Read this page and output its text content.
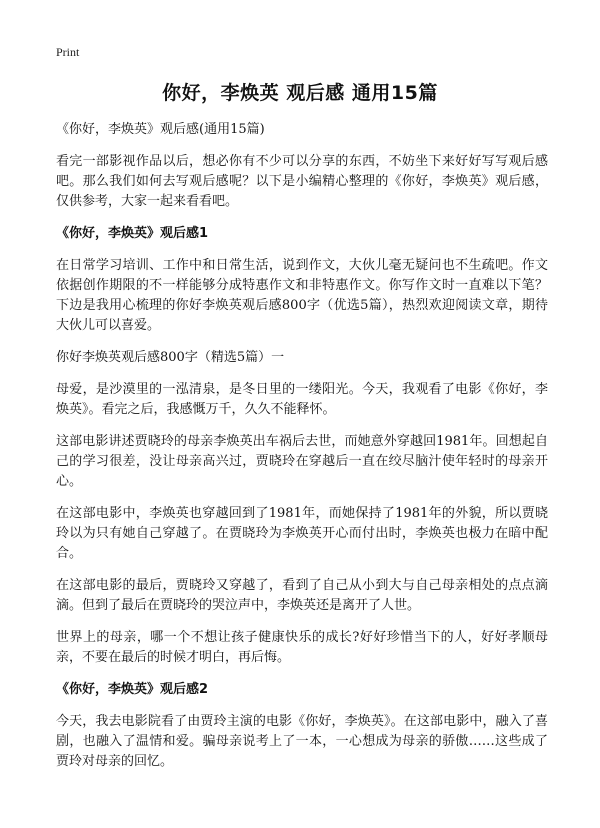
Print
你好，李焕英 观后感 通用15篇

《你好，李焕英》观后感(通用15篇)

看完一部影视作品以后，想必你有不少可以分享的东西，不妨坐下来好好写写观后感吧。那么我们如何去写观后感呢？以下是小编精心整理的《你好，李焕英》观后感，仅供参考，大家一起来看看吧。

《你好，李焕英》观后感1

在日常学习培训、工作中和日常生活，说到作文，大伙儿毫无疑问也不生疏吧。作文依据创作期限的不一样能够分成特惠作文和非特惠作文。你写作文时一直难以下笔？下边是我用心梳理的你好李焕英观后感800字（优选5篇），热烈欢迎阅读文章，期待大伙儿可以喜爱。

你好李焕英观后感800字（精选5篇）一

母爱，是沙漠里的一泓清泉，是冬日里的一缕阳光。今天，我观看了电影《你好，李焕英》。看完之后，我感慨万千，久久不能释怀。

这部电影讲述贾晓玲的母亲李焕英出车祸后去世，而她意外穿越回1981年。回想起自己的学习很差，没让母亲高兴过，贾晓玲在穿越后一直在绞尽脑汁使年轻时的母亲开心。

在这部电影中，李焕英也穿越回到了1981年，而她保持了1981年的外貌，所以贾晓玲以为只有她自己穿越了。在贾晓玲为李焕英开心而付出时，李焕英也极力在暗中配合。

在这部电影的最后，贾晓玲又穿越了，看到了自己从小到大与自己母亲相处的点点滴滴。但到了最后在贾晓玲的哭泣声中，李焕英还是离开了人世。

世界上的母亲，哪一个不想让孩子健康快乐的成长?好好珍惜当下的人，好好孝顺母亲，不要在最后的时候才明白，再后悔。

《你好，李焕英》观后感2

今天，我去电影院看了由贾玲主演的电影《你好，李焕英》。在这部电影中，融入了喜剧，也融入了温情和爱。骗母亲说考上了一本，一心想成为母亲的骄傲……这些成了贾玲对母亲的回忆。
